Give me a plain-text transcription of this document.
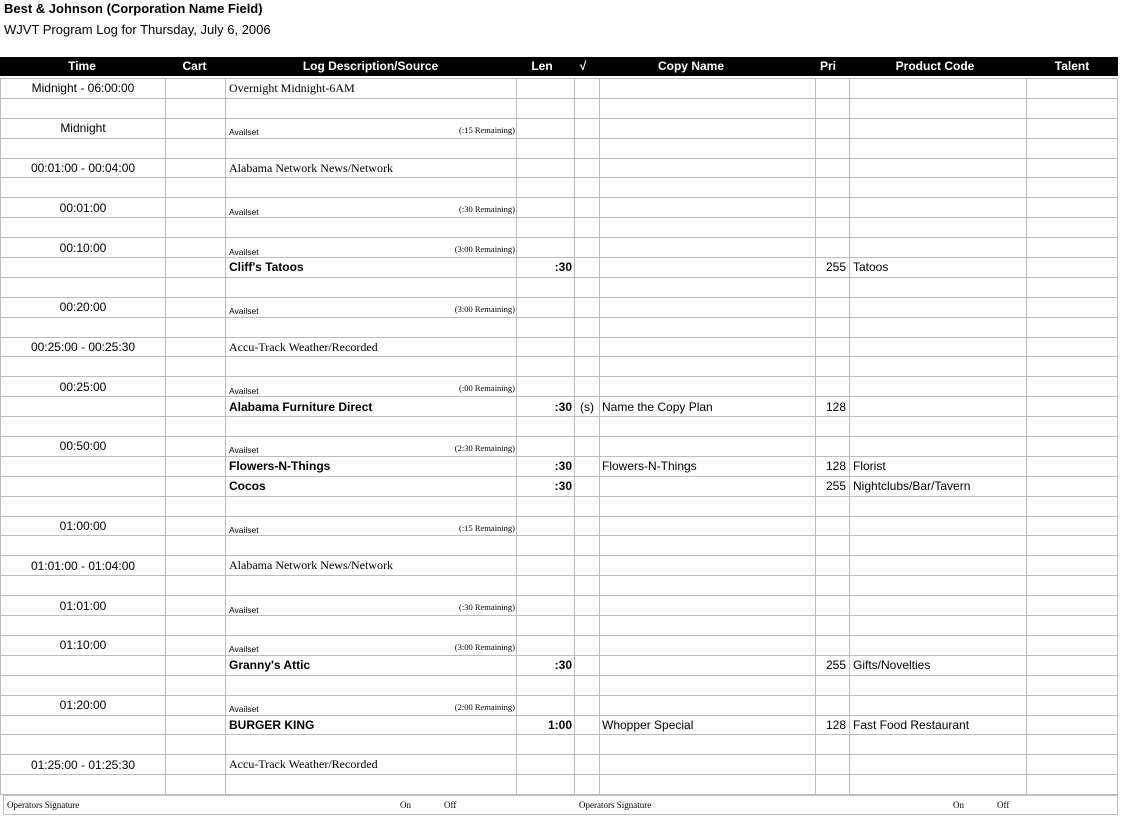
Best & Johnson (Corporation Name Field)
WJVT Program Log for Thursday, July 6, 2006
Time	Cart	Log Description/Source	Len	√	Copy Name	Pri	Product Code	Talent
Midnight - 06:00:00		Overnight Midnight-6AM						

Midnight		$_{Availset}$ (:15 Remaining)						

00:01:00 - 00:04:00		Alabama Network News/Network						

00:01:00		$_{Availset}$ (:30 Remaining)						

00:10:00		$_{Availset}$ (3:00 Remaining)						

		Cliff's Tatoos	:30			255	Tatoos	

00:20:00		$_{Availset}$ (3:00 Remaining)						

00:25:00 - 00:25:30		Accu-Track Weather/Recorded						

00:25:00		$_{Availset}$ (:00 Remaining)						

		Alabama Furniture Direct	:30	(s)	Name the Copy Plan	128		

00:50:00		$_{Availset}$ (2:30 Remaining)						

		Flowers-N-Things	:30		Flowers-N-Things	128	Florist	
		Cocos	:30			255	Nightclubs/Bar/Tavern	

01:00:00		$_{Availset}$ (:15 Remaining)						

01:01:00 - 01:04:00		Alabama Network News/Network						

01:01:00		$_{Availset}$ (:30 Remaining)						

01:10:00		$_{Availset}$ (3:00 Remaining)						

		Granny's Attic	:30			255	Gifts/Novelties	

01:20:00		$_{Availset}$ (2:00 Remaining)						

		BURGER KING	1:00		Whopper Special	128	Fast Food Restaurant	

01:25:00 - 01:25:30		Accu-Track Weather/Recorded						

Operators Signature	On	Off	Operators Signature	On	Off
